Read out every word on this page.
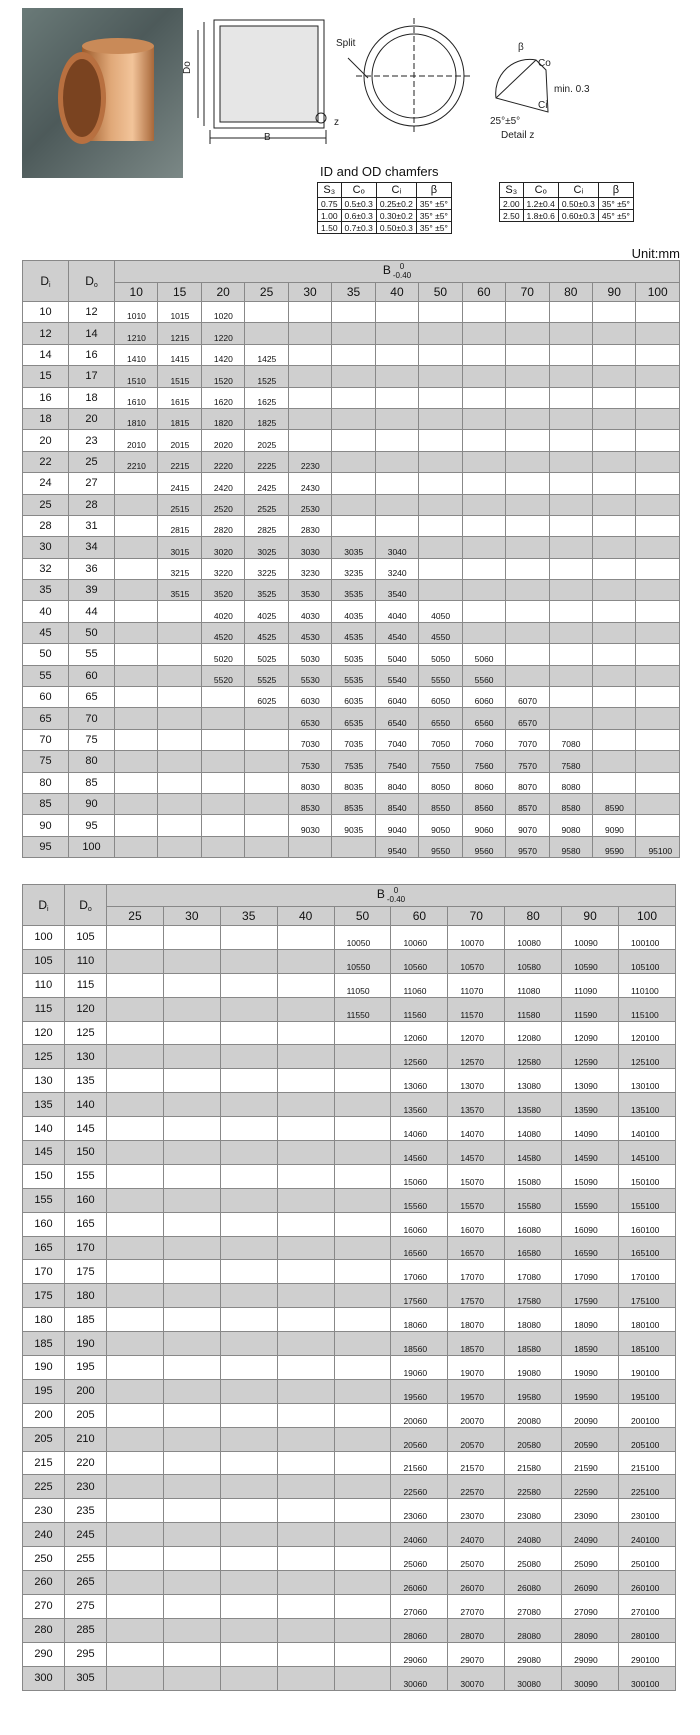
Do
B
z
Split	β
Co
min. 0.3
Ci
25°±5°
Detail z
ID and OD chamfers
S₃	Cₒ	Cᵢ	β
0.75	0.5±0.3	0.25±0.2	35° ±5°
1.00	0.6±0.3	0.30±0.2	35° ±5°
1.50	0.7±0.3	0.50±0.3	35° ±5°
S₃	Cₒ	Cᵢ	β
2.00	1.2±0.4	0.50±0.3	35° ±5°
2.50	1.8±0.6	0.60±0.3	45° ±5°
Unit:mm
$D_i$	$D_o$	B 0
-0.40												

		10	15	20	25	30	35	40	50	60	70	80	90	100
10	12	1010	1015	1020										
12	14	1210	1215	1220										
14	16	1410	1415	1420	1425									
15	17	1510	1515	1520	1525									
16	18	1610	1615	1620	1625									
18	20	1810	1815	1820	1825									
20	23	2010	2015	2020	2025									
22	25	2210	2215	2220	2225	2230								
24	27		2415	2420	2425	2430								
25	28		2515	2520	2525	2530								
28	31		2815	2820	2825	2830								
30	34		3015	3020	3025	3030	3035	3040						
32	36		3215	3220	3225	3230	3235	3240						
35	39		3515	3520	3525	3530	3535	3540						
40	44			4020	4025	4030	4035	4040	4050					
45	50			4520	4525	4530	4535	4540	4550					
50	55			5020	5025	5030	5035	5040	5050	5060				
55	60			5520	5525	5530	5535	5540	5550	5560				
60	65				6025	6030	6035	6040	6050	6060	6070			
65	70					6530	6535	6540	6550	6560	6570			
70	75					7030	7035	7040	7050	7060	7070	7080		
75	80					7530	7535	7540	7550	7560	7570	7580		
80	85					8030	8035	8040	8050	8060	8070	8080		
85	90					8530	8535	8540	8550	8560	8570	8580	8590	
90	95					9030	9035	9040	9050	9060	9070	9080	9090	
95	100							9540	9550	9560	9570	9580	9590	95100
$D_i$	$D_o$	B 0
-0.40									

		25	30	35	40	50	60	70	80	90	100
100	105					10050	10060	10070	10080	10090	100100
105	110					10550	10560	10570	10580	10590	105100
110	115					11050	11060	11070	11080	11090	110100
115	120					11550	11560	11570	11580	11590	115100
120	125						12060	12070	12080	12090	120100
125	130						12560	12570	12580	12590	125100
130	135						13060	13070	13080	13090	130100
135	140						13560	13570	13580	13590	135100
140	145						14060	14070	14080	14090	140100
145	150						14560	14570	14580	14590	145100
150	155						15060	15070	15080	15090	150100
155	160						15560	15570	15580	15590	155100
160	165						16060	16070	16080	16090	160100
165	170						16560	16570	16580	16590	165100
170	175						17060	17070	17080	17090	170100
175	180						17560	17570	17580	17590	175100
180	185						18060	18070	18080	18090	180100
185	190						18560	18570	18580	18590	185100
190	195						19060	19070	19080	19090	190100
195	200						19560	19570	19580	19590	195100
200	205						20060	20070	20080	20090	200100
205	210						20560	20570	20580	20590	205100
215	220						21560	21570	21580	21590	215100
225	230						22560	22570	22580	22590	225100
230	235						23060	23070	23080	23090	230100
240	245						24060	24070	24080	24090	240100
250	255						25060	25070	25080	25090	250100
260	265						26060	26070	26080	26090	260100
270	275						27060	27070	27080	27090	270100
280	285						28060	28070	28080	28090	280100
290	295						29060	29070	29080	29090	290100
300	305						30060	30070	30080	30090	300100
